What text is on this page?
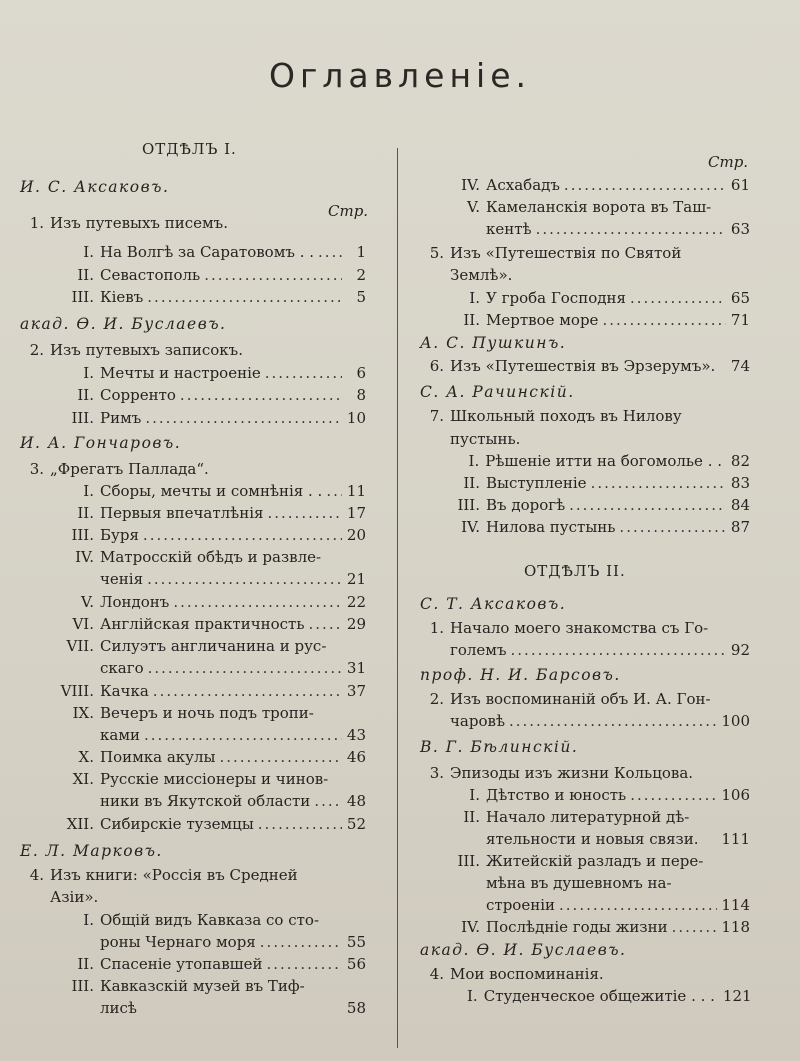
Оглавленіе.
ОТДѢЛЪ I.
И. С. Аксаковъ.
Стр.
1. Изъ путевыхъ писемъ.
I. На Волгѣ за Саратовомъ . . .....	1
II. Севастополь .....	2
III. Кіевъ .....	5
акад. Ѳ. И. Буслаевъ.
2. Изъ путевыхъ записокъ.
I. Мечты и настроеніе .....	6
II. Сорренто .....	8
III. Римъ .....	10
И. А. Гончаровъ.
3. „Фрегатъ Паллада“.
I. Сборы, мечты и сомнѣнія . . ..... 11
II. Первыя впечатлѣнія .....	17
III. Буря .....	20
IV. Матросскій обѣдъ и развле-
ченія .....	21
V. Лондонъ .....	22
VI. Англійская практичность .....	29
VII. Силуэтъ англичанина и рус-
скаго .....	31
VIII. Качка .....	37
IX. Вечеръ и ночь подъ тропи-
ками .....	43
X. Поимка акулы .....	46
XI. Русскіе миссіонеры и чинов-
ники въ Якутской области ..... 48
XII. Сибирскіе туземцы .....	52
Е. Л. Марковъ.
4. Изъ книги: «Россія въ Средней
Азіи».
I. Общій видъ Кавказа со сто-
роны Чернаго моря .....	55
II. Спасеніе утопавшей .....	56
III. Кавказскій музей въ Тиф-
лисѣ	58
Стр.
IV. Асхабадъ .....	61
V. Камеланскія ворота въ Таш-
кентѣ .....	63
5. Изъ «Путешествія по Святой
Землѣ».
I. У гроба Господня .....	65
II. Мертвое море .....	71
А. С. Пушкинъ.
6. Изъ «Путешествія въ Эрзерумъ». 74
С. А. Рачинскій.
7. Школьный походъ въ Нилову
пустынь.
I. Рѣшеніе итти на богомолье . . 82
II. Выступленіе .....	83
III. Въ дорогѣ .....	84
IV. Нилова пустынь .....	87
ОТДѢЛЪ II.
С. Т. Аксаковъ.
1. Начало моего знакомства съ Го-
големъ .....	92
проф. Н. И. Барсовъ.
2. Изъ воспоминаній объ И. А. Гон-
чаровѣ .....	100
В. Г. Бѣлинскій.
3. Эпизоды изъ жизни Кольцова.
I. Дѣтство и юность .....	106
II. Начало литературной дѣ-
ятельности и новыя связи. 111
III. Житейскій разладъ и пере-
мѣна въ душевномъ на-
строеніи .....	114
IV. Послѣдніе годы жизни .....	118
акад. Ѳ. И. Буслаевъ.
4. Мои воспоминанія.
I. Студенческое общежитіе . . . 121
